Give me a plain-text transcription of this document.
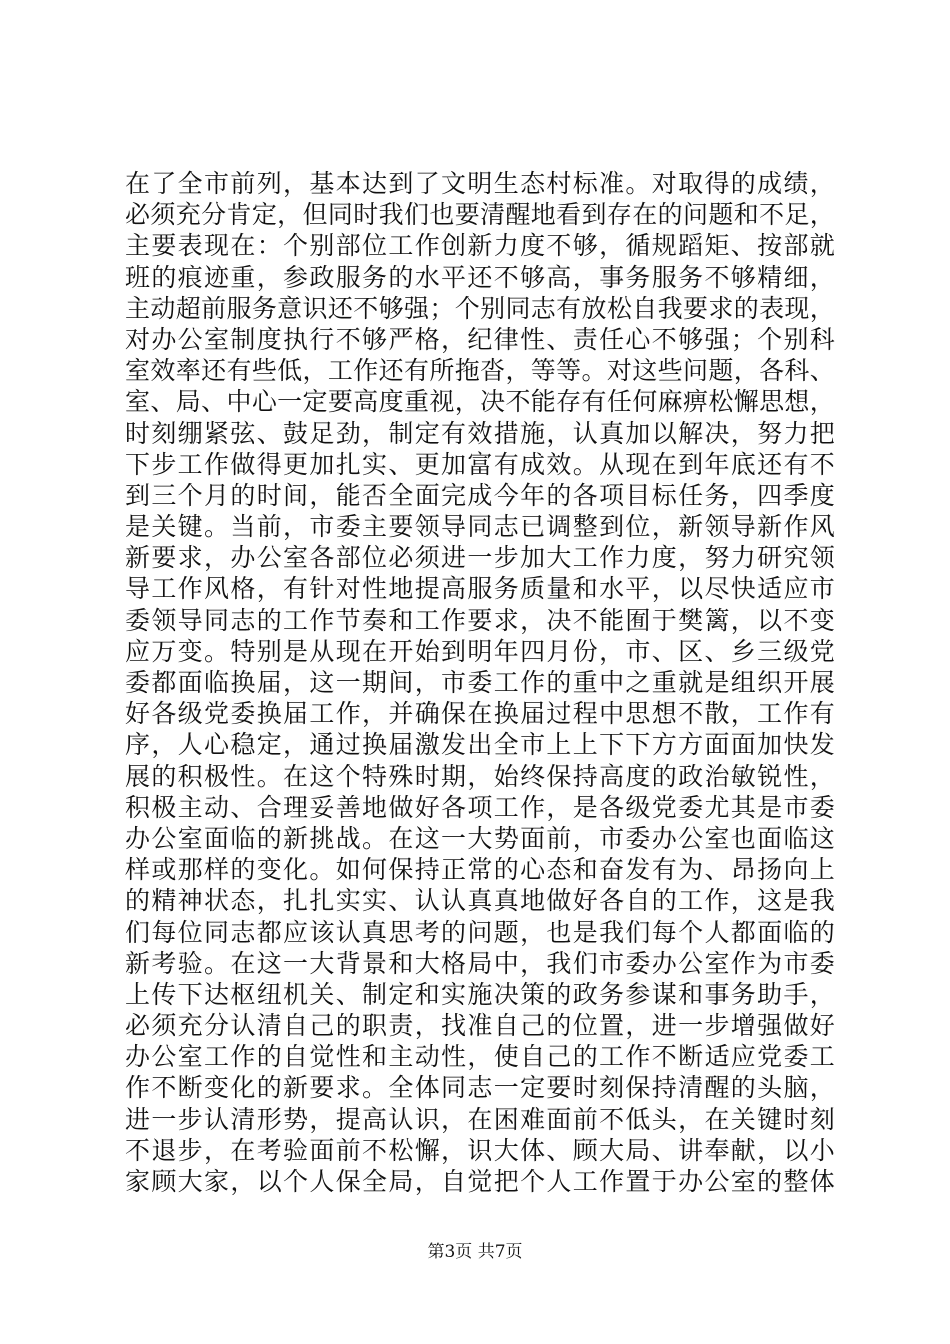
在了全市前列，基本达到了文明生态村标准。对取得的成绩，
必须充分肯定，但同时我们也要清醒地看到存在的问题和不足，
主要表现在：个别部位工作创新力度不够，循规蹈矩、按部就
班的痕迹重，参政服务的水平还不够高，事务服务不够精细，
主动超前服务意识还不够强；个别同志有放松自我要求的表现，
对办公室制度执行不够严格，纪律性、责任心不够强；个别科
室效率还有些低，工作还有所拖沓，等等。对这些问题，各科、
室、局、中心一定要高度重视，决不能存有任何麻痹松懈思想，
时刻绷紧弦、鼓足劲，制定有效措施，认真加以解决，努力把
下步工作做得更加扎实、更加富有成效。从现在到年底还有不
到三个月的时间，能否全面完成今年的各项目标任务，四季度
是关键。当前，市委主要领导同志已调整到位，新领导新作风
新要求，办公室各部位必须进一步加大工作力度，努力研究领
导工作风格，有针对性地提高服务质量和水平，以尽快适应市
委领导同志的工作节奏和工作要求，决不能囿于樊篱，以不变
应万变。特别是从现在开始到明年四月份，市、区、乡三级党
委都面临换届，这一期间，市委工作的重中之重就是组织开展
好各级党委换届工作，并确保在换届过程中思想不散，工作有
序，人心稳定，通过换届激发出全市上上下下方方面面加快发
展的积极性。在这个特殊时期，始终保持高度的政治敏锐性，
积极主动、合理妥善地做好各项工作，是各级党委尤其是市委
办公室面临的新挑战。在这一大势面前，市委办公室也面临这
样或那样的变化。如何保持正常的心态和奋发有为、昂扬向上
的精神状态，扎扎实实、认认真真地做好各自的工作，这是我
们每位同志都应该认真思考的问题，也是我们每个人都面临的
新考验。在这一大背景和大格局中，我们市委办公室作为市委
上传下达枢纽机关、制定和实施决策的政务参谋和事务助手，
必须充分认清自己的职责，找准自己的位置，进一步增强做好
办公室工作的自觉性和主动性，使自己的工作不断适应党委工
作不断变化的新要求。全体同志一定要时刻保持清醒的头脑，
进一步认清形势，提高认识，在困难面前不低头，在关键时刻
不退步，在考验面前不松懈，识大体、顾大局、讲奉献，以小
家顾大家，以个人保全局，自觉把个人工作置于办公室的整体
第3页 共7页
